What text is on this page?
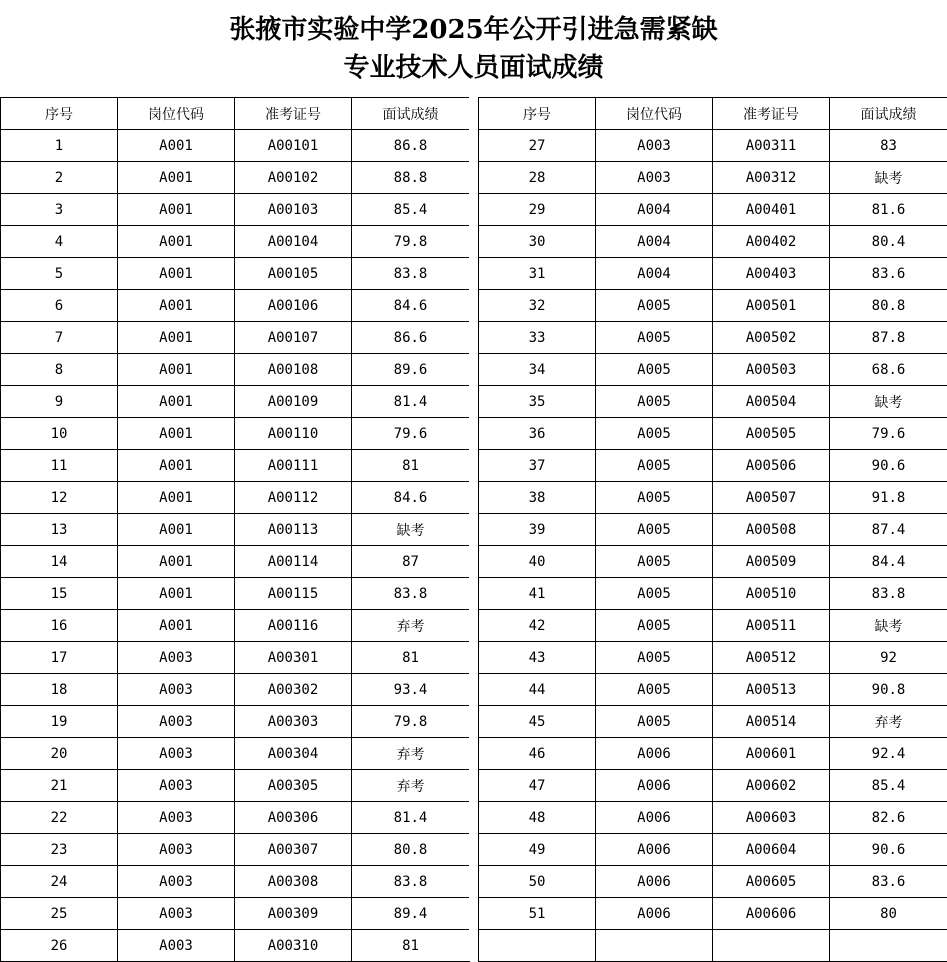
张掖市实验中学2025年公开引进急需紧缺
专业技术人员面试成绩
序号	岗位代码	准考证号	面试成绩
1	A001	A00101	86.8
2	A001	A00102	88.8
3	A001	A00103	85.4
4	A001	A00104	79.8
5	A001	A00105	83.8
6	A001	A00106	84.6
7	A001	A00107	86.6
8	A001	A00108	89.6
9	A001	A00109	81.4
10	A001	A00110	79.6
11	A001	A00111	81
12	A001	A00112	84.6
13	A001	A00113	缺考
14	A001	A00114	87
15	A001	A00115	83.8
16	A001	A00116	弃考
17	A003	A00301	81
18	A003	A00302	93.4
19	A003	A00303	79.8
20	A003	A00304	弃考
21	A003	A00305	弃考
22	A003	A00306	81.4
23	A003	A00307	80.8
24	A003	A00308	83.8
25	A003	A00309	89.4
26	A003	A00310	81
序号	岗位代码	准考证号	面试成绩
27	A003	A00311	83
28	A003	A00312	缺考
29	A004	A00401	81.6
30	A004	A00402	80.4
31	A004	A00403	83.6
32	A005	A00501	80.8
33	A005	A00502	87.8
34	A005	A00503	68.6
35	A005	A00504	缺考
36	A005	A00505	79.6
37	A005	A00506	90.6
38	A005	A00507	91.8
39	A005	A00508	87.4
40	A005	A00509	84.4
41	A005	A00510	83.8
42	A005	A00511	缺考
43	A005	A00512	92
44	A005	A00513	90.8
45	A005	A00514	弃考
46	A006	A00601	92.4
47	A006	A00602	85.4
48	A006	A00603	82.6
49	A006	A00604	90.6
50	A006	A00605	83.6
51	A006	A00606	80
